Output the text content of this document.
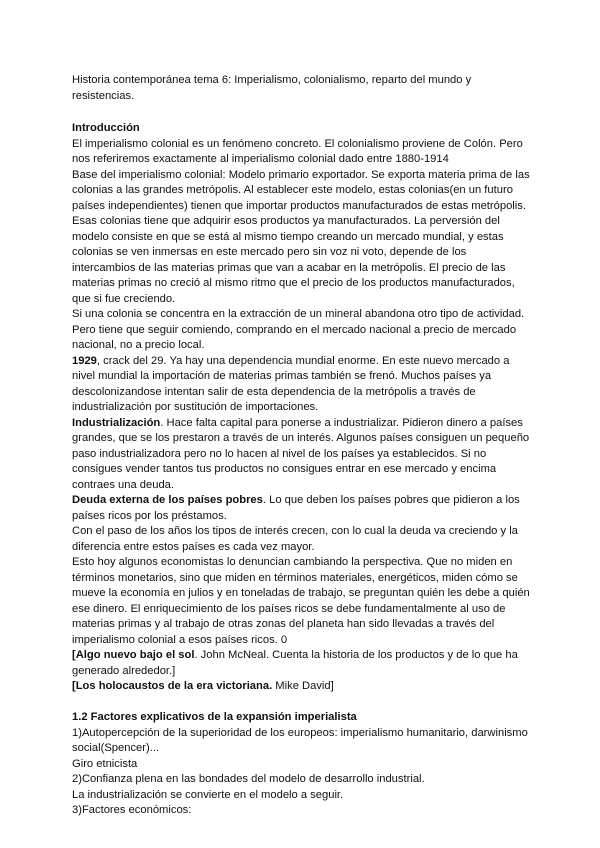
Historia contemporánea tema 6: Imperialismo, colonialismo, reparto del mundo y resistencias.

Introducción

El imperialismo colonial es un fenómeno concreto. El colonialismo proviene de Colón. Pero nos referiremos exactamente al imperialismo colonial dado entre 1880-1914

Base del imperialismo colonial: Modelo primario exportador. Se exporta materia prima de las colonias a las grandes metrópolis. Al establecer este modelo, estas colonias(en un futuro países independientes) tienen que importar productos manufacturados de estas metrópolis. Esas colonias tiene que adquirir esos productos ya manufacturados. La perversión del modelo consiste en que se está al mismo tiempo creando un mercado mundial, y estas colonias se ven inmersas en este mercado pero sin voz ni voto, depende de los intercambios de las materias primas que van a acabar en la metrópolis. El precio de las materias primas no creció al mismo ritmo que el precio de los productos manufacturados, que si fue creciendo.

Si una colonia se concentra en la extracción de un mineral abandona otro tipo de actividad. Pero tiene que seguir comiendo, comprando en el mercado nacional a precio de mercado nacional, no a precio local.

1929, crack del 29. Ya hay una dependencia mundial enorme. En este nuevo mercado a nivel mundial la importación de materias primas también se frenó. Muchos países ya descolonizandose intentan salir de esta dependencia de la metrópolis a través de industrialización por sustitución de importaciones.

Industrialización. Hace falta capital para ponerse a industrializar. Pidieron dinero a países grandes, que se los prestaron a través de un interés. Algunos países consiguen un pequeño paso industrializadora pero no lo hacen al nivel de los países ya establecidos. Si no consigues vender tantos tus productos no consigues entrar en ese mercado y encima contraes una deuda.

Deuda externa de los países pobres. Lo que deben los países pobres que pidieron a los países ricos por los préstamos.

Con el paso de los años los tipos de interés crecen, con lo cual la deuda va creciendo y la diferencia entre estos países es cada vez mayor.

Esto hoy algunos economistas lo denuncian cambiando la perspectiva. Que no miden en términos monetarios, sino que miden en términos materiales, energéticos, miden cómo se mueve la economía en julios y en toneladas de trabajo, se preguntan quién les debe a quién ese dinero. El enriquecimiento de los países ricos se debe fundamentalmente al uso de materias primas y al trabajo de otras zonas del planeta han sido llevadas a través del imperialismo colonial a esos países ricos. 0

[Algo nuevo bajo el sol. John McNeal. Cuenta la historia de los productos y de lo que ha generado alrededor.]

[Los holocaustos de la era victoriana. Mike David]

1.2 Factores explicativos de la expansión imperialista

1)Autopercepción de la superioridad de los europeos: imperialismo humanitario, darwinismo social(Spencer)...

Giro etnicista

2)Confianza plena en las bondades del modelo de desarrollo industrial.

La industrialización se convierte en el modelo a seguir.

3)Factores económicos:
